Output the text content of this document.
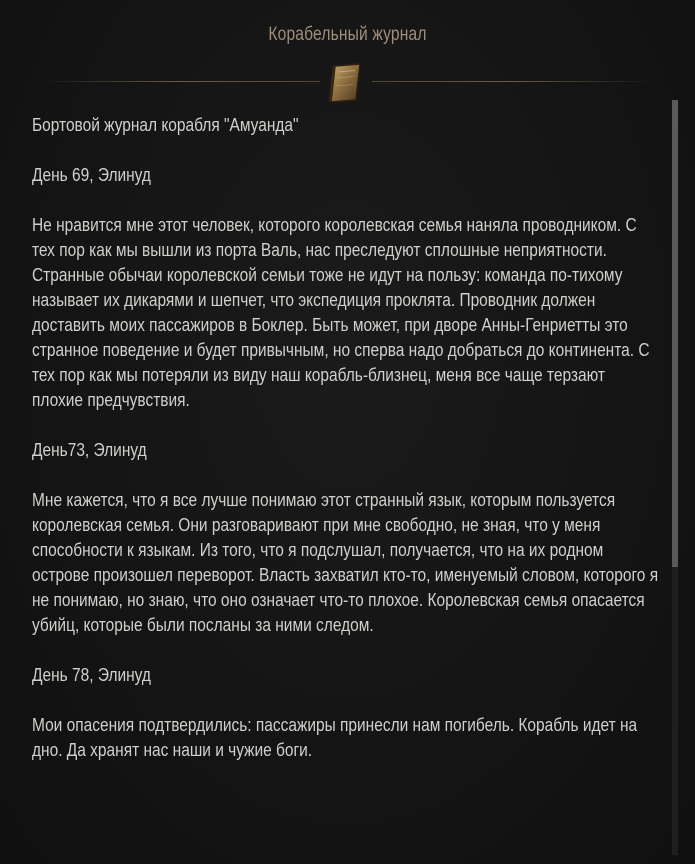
Корабельный журнал

Бортовой журнал корабля "Амуанда"

День 69, Элинуд

Не нравится мне этот человек, которого королевская семья наняла проводником. С тех пор как мы вышли из порта Валь, нас преследуют сплошные неприятности. Странные обычаи королевской семьи тоже не идут на пользу: команда по-тихому называет их дикарями и шепчет, что экспедиция проклята. Проводник должен доставить моих пассажиров в Боклер. Быть может, при дворе Анны-Генриетты это странное поведение и будет привычным, но сперва надо добраться до континента. С тех пор как мы потеряли из виду наш корабль-близнец, меня все чаще терзают плохие предчувствия.

День73, Элинуд

Мне кажется, что я все лучше понимаю этот странный язык, которым пользуется королевская семья. Они разговаривают при мне свободно, не зная, что у меня способности к языкам. Из того, что я подслушал, получается, что на их родном острове произошел переворот. Власть захватил кто-то, именуемый словом, которого я не понимаю, но знаю, что оно означает что-то плохое. Королевская семья опасается убийц, которые были посланы за ними следом.

День 78, Элинуд

Мои опасения подтвердились: пассажиры принесли нам погибель. Корабль идет на дно. Да хранят нас наши и чужие боги.
